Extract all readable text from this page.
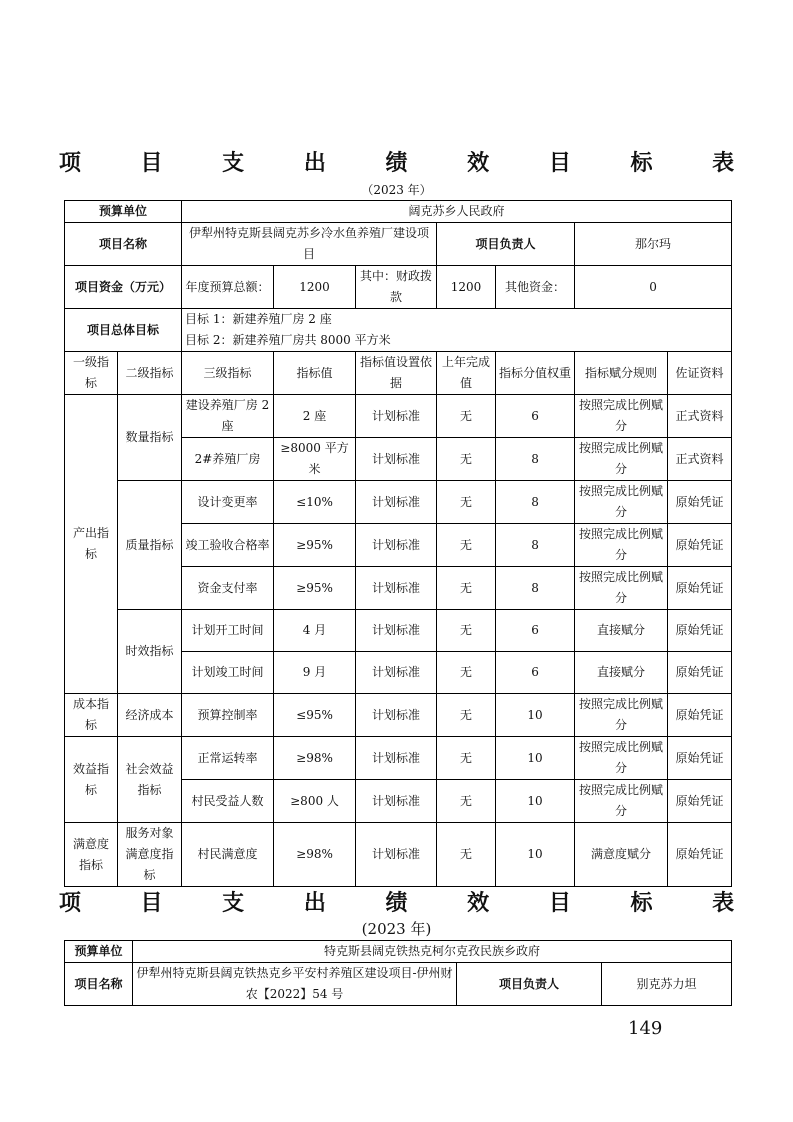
项 目 支 出 绩 效 目 标 表
（2023 年）
预算单位		阔克苏乡人民政府						
项目名称		伊犁州特克斯县阔克苏乡冷水鱼养殖厂建设项目			项目负责人		那尔玛	
项目资金（万元）		年度预算总额：	1200	其中：财政拨款	1200	其他资金：	0	
项目总体目标		目标 1：新建养殖厂房 2 座
目标 2：新建养殖厂房共 8000 平方米						

一级指标	二级指标	三级指标	指标值	指标值设置依据	上年完成值	指标分值权重	指标赋分规则	佐证资料
产出指标	数量指标	建设养殖厂房 2 座	2 座	计划标准	无	6	按照完成比例赋分	正式资料
		2#养殖厂房	≥8000 平方米	计划标准	无	8	按照完成比例赋分	正式资料
	质量指标	设计变更率	≤10%	计划标准	无	8	按照完成比例赋分	原始凭证
		竣工验收合格率	≥95%	计划标准	无	8	按照完成比例赋分	原始凭证
		资金支付率	≥95%	计划标准	无	8	按照完成比例赋分	原始凭证
	时效指标	计划开工时间	4 月	计划标准	无	6	直接赋分	原始凭证
		计划竣工时间	9 月	计划标准	无	6	直接赋分	原始凭证
成本指标	经济成本	预算控制率	≤95%	计划标准	无	10	按照完成比例赋分	原始凭证
效益指标	社会效益指标	正常运转率	≥98%	计划标准	无	10	按照完成比例赋分	原始凭证
		村民受益人数	≥800 人	计划标准	无	10	按照完成比例赋分	原始凭证
满意度指标	服务对象满意度指标	村民满意度	≥98%	计划标准	无	10	满意度赋分	原始凭证
项 目 支 出 绩 效 目 标 表
(2023 年)
预算单位	特克斯县阔克铁热克柯尔克孜民族乡政府		
项目名称	伊犁州特克斯县阔克铁热克乡平安村养殖区建设项目-伊州财农【2022】54 号	项目负责人	别克苏力坦
149
